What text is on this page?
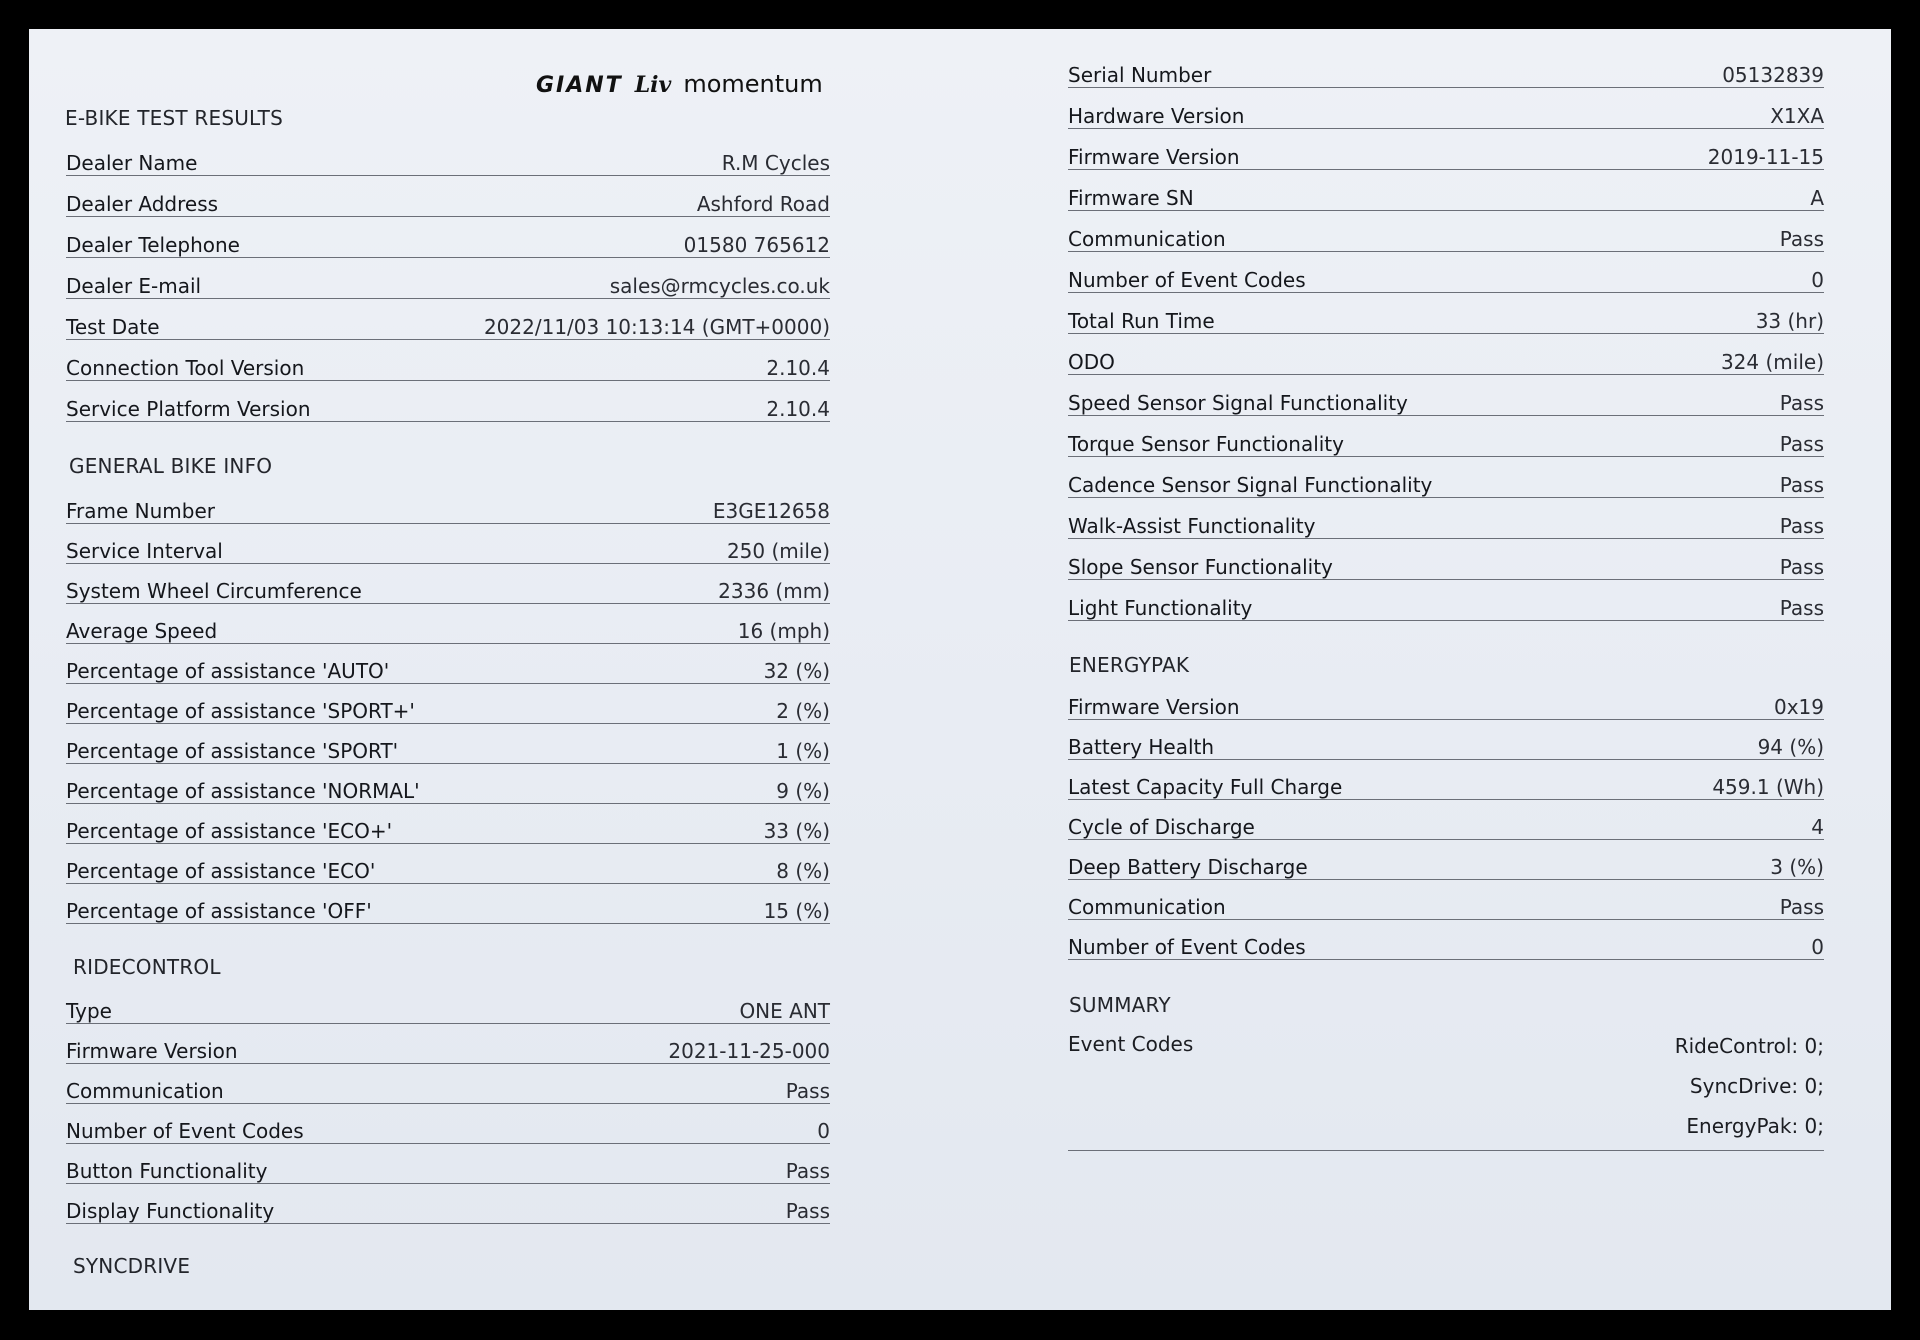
GIANT Liv momentum
E-BIKE TEST RESULTS
Dealer Name	R.M Cycles
Dealer Address	Ashford Road
Dealer Telephone	01580 765612
Dealer E-mail	sales@rmcycles.co.uk
Test Date	2022/11/03 10:13:14 (GMT+0000)
Connection Tool Version	2.10.4
Service Platform Version	2.10.4
GENERAL BIKE INFO
Frame Number	E3GE12658
Service Interval	250 (mile)
System Wheel Circumference	2336 (mm)
Average Speed	16 (mph)
Percentage of assistance 'AUTO'	32 (%)
Percentage of assistance 'SPORT+'	2 (%)
Percentage of assistance 'SPORT'	1 (%)
Percentage of assistance 'NORMAL'	9 (%)
Percentage of assistance 'ECO+'	33 (%)
Percentage of assistance 'ECO'	8 (%)
Percentage of assistance 'OFF'	15 (%)
RIDECONTROL
Type	ONE ANT
Firmware Version	2021-11-25-000
Communication	Pass
Number of Event Codes	0
Button Functionality	Pass
Display Functionality	Pass
SYNCDRIVE
Serial Number	05132839
Hardware Version	X1XA
Firmware Version	2019-11-15
Firmware SN	A
Communication	Pass
Number of Event Codes	0
Total Run Time	33 (hr)
ODO	324 (mile)
Speed Sensor Signal Functionality	Pass
Torque Sensor Functionality	Pass
Cadence Sensor Signal Functionality	Pass
Walk-Assist Functionality	Pass
Slope Sensor Functionality	Pass
Light Functionality	Pass
ENERGYPAK
Firmware Version	0x19
Battery Health	94 (%)
Latest Capacity Full Charge	459.1 (Wh)
Cycle of Discharge	4
Deep Battery Discharge	3 (%)
Communication	Pass
Number of Event Codes	0
SUMMARY
Event Codes	RideControl: 0;
SyncDrive: 0;
EnergyPak: 0;
